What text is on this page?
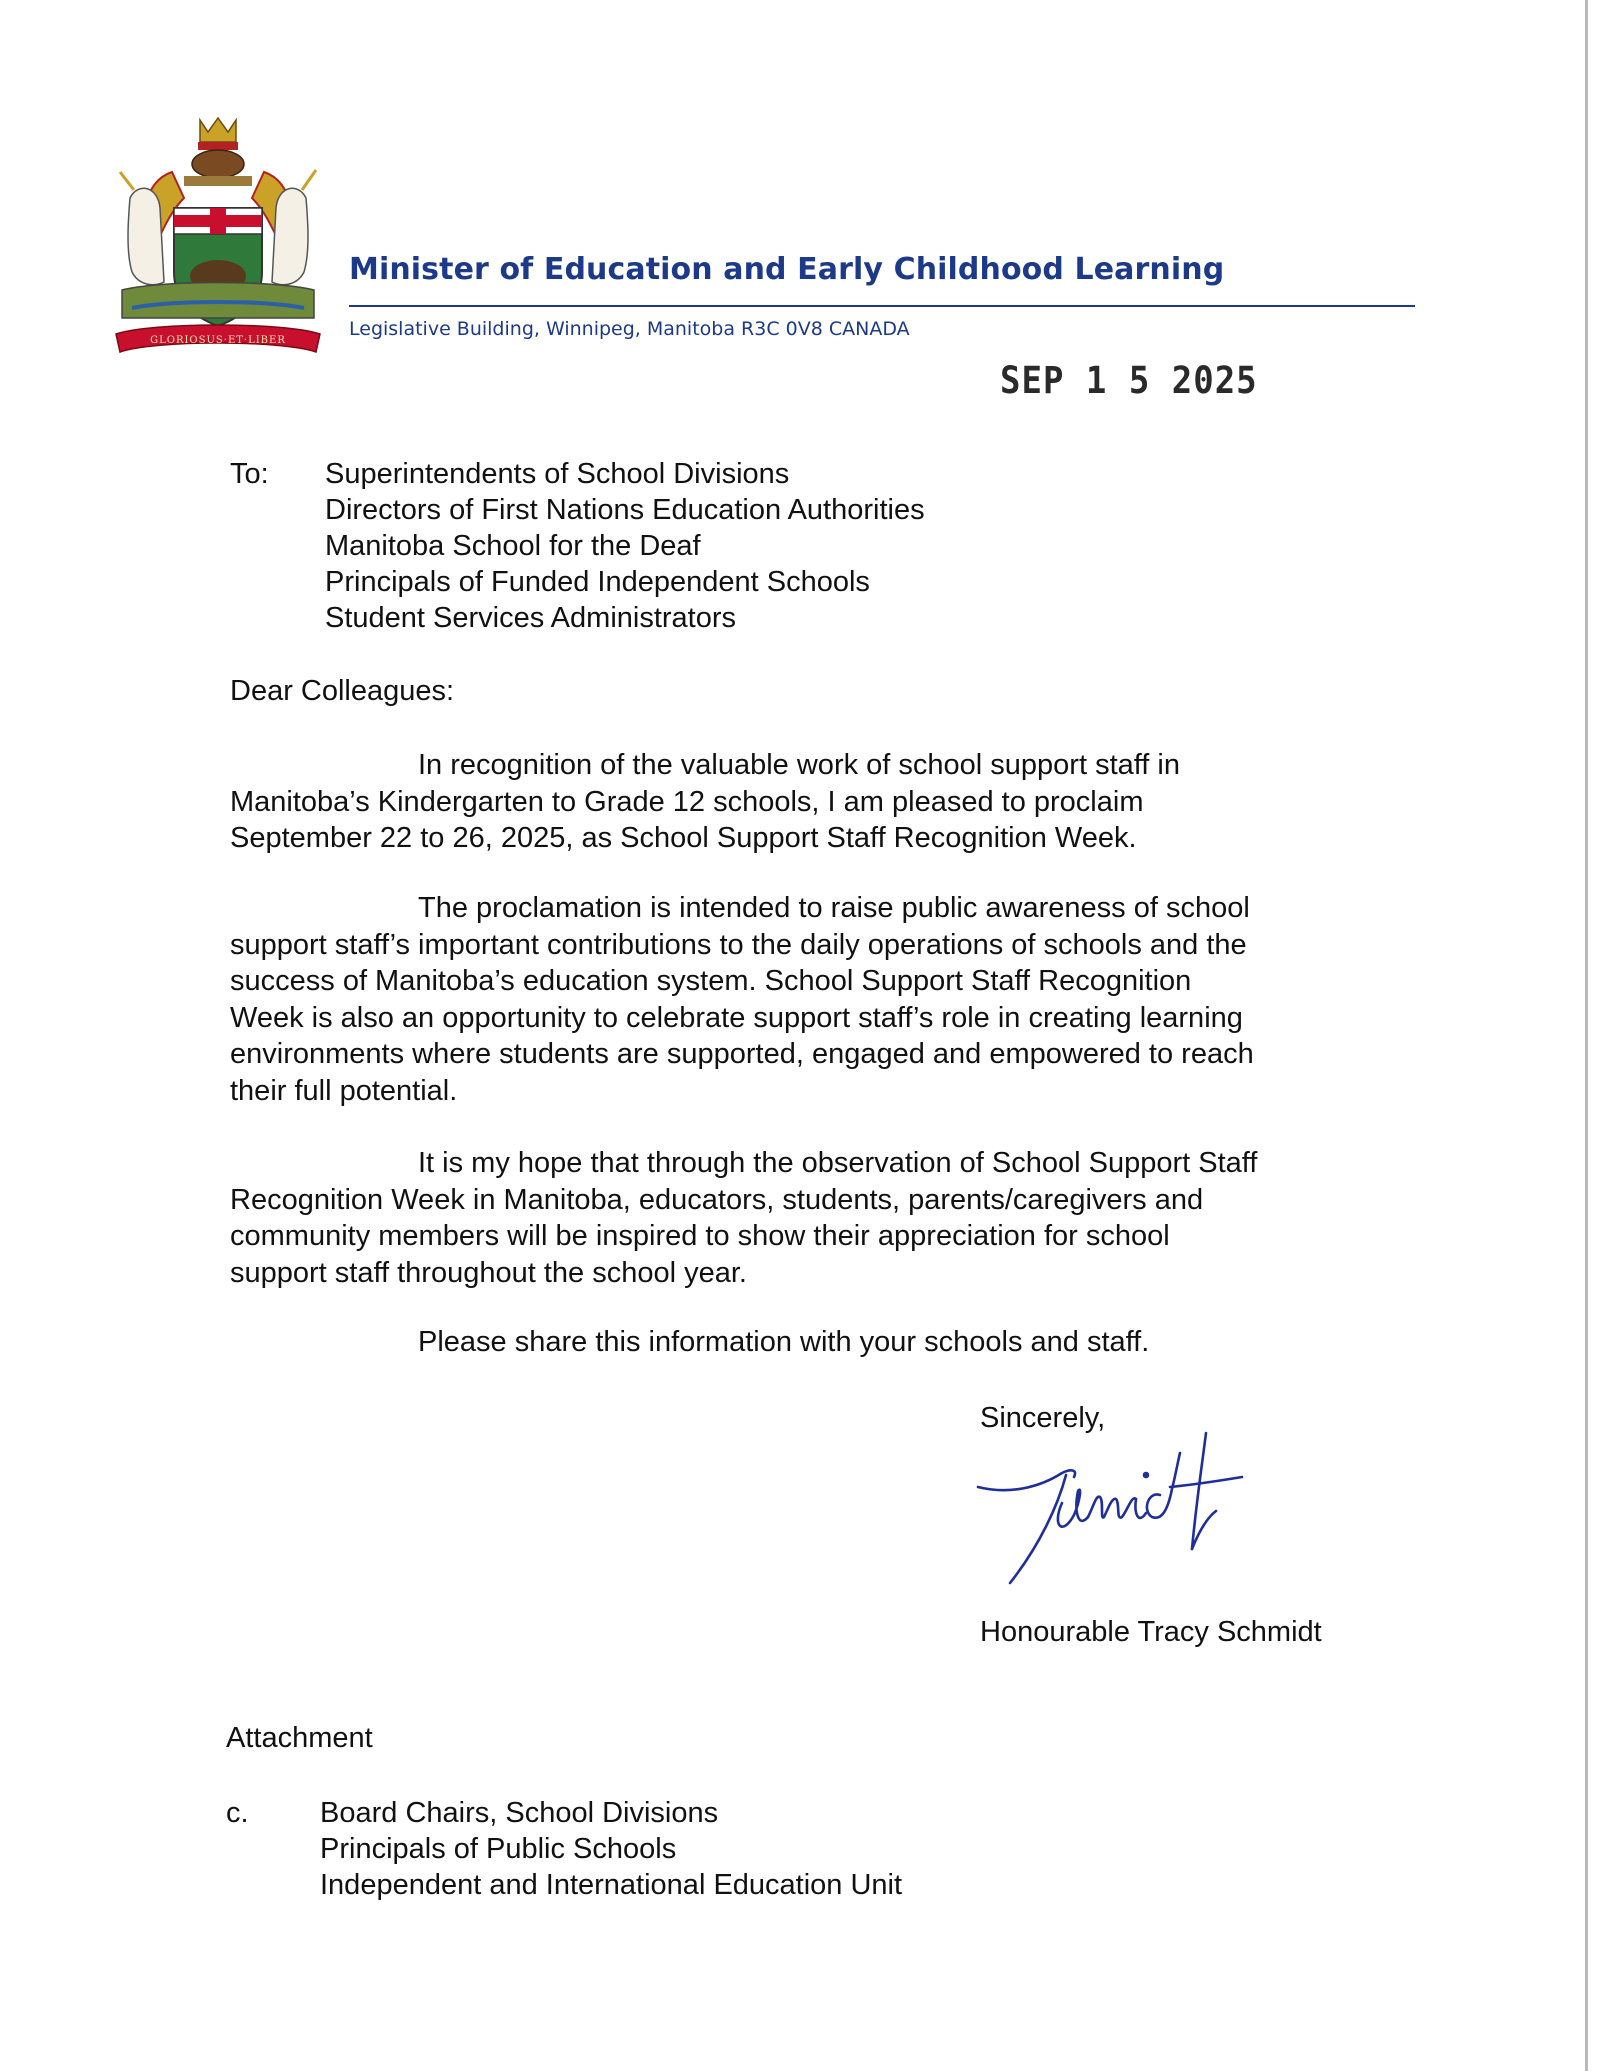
GLORIOSUS·ET·LIBER
Minister of Education and Early Childhood Learning
Legislative Building, Winnipeg, Manitoba R3C 0V8 CANADA
SEP 1 5 2025
To: Superintendents of School Divisions
Directors of First Nations Education Authorities
Manitoba School for the Deaf
Principals of Funded Independent Schools
Student Services Administrators
Dear Colleagues:
In recognition of the valuable work of school support staff in
Manitoba’s Kindergarten to Grade 12 schools, I am pleased to proclaim
September 22 to 26, 2025, as School Support Staff Recognition Week.
The proclamation is intended to raise public awareness of school
support staff’s important contributions to the daily operations of schools and the
success of Manitoba’s education system. School Support Staff Recognition
Week is also an opportunity to celebrate support staff’s role in creating learning
environments where students are supported, engaged and empowered to reach
their full potential.
It is my hope that through the observation of School Support Staff
Recognition Week in Manitoba, educators, students, parents/caregivers and
community members will be inspired to show their appreciation for school
support staff throughout the school year.
Please share this information with your schools and staff.
Sincerely,
Honourable Tracy Schmidt
Attachment
c. Board Chairs, School Divisions
Principals of Public Schools
Independent and International Education Unit
